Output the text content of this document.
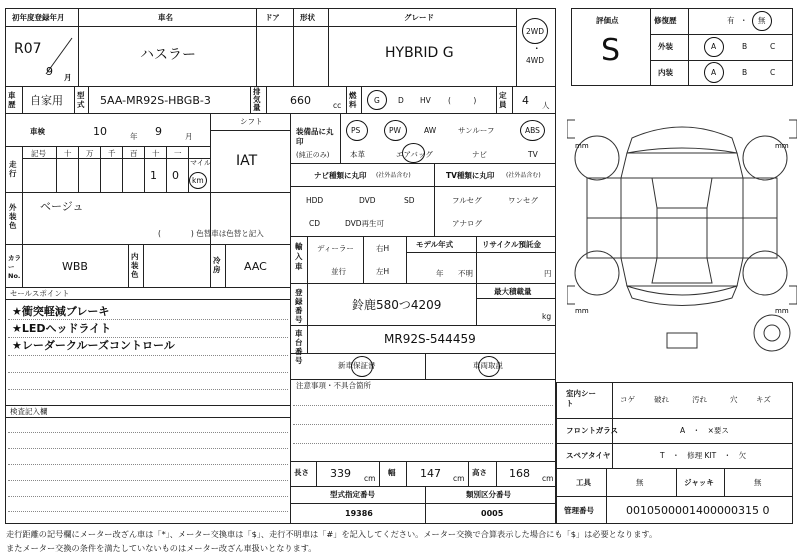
初年度登録年月
R07
9 月
車名
ハスラー
ドア	形状	グレード
HYBRID G
2WD
・
4WD
車歴 自家用 型式 5AA-MR92S-HBGB-3
排気量
660	cc
燃料	G D HV (　　　)
定員 4 人
車検	10	年 9	月
シフト
IAT
走行
記号 十 万 千 百 十 一
1 0
マイル
km
外装色
ベージュ
(　　　　) 色替車は色替と記入
カラーNo.
WBB
内装色
冷房 AAC
セールスポイント
★衝突軽減ブレーキ
★LEDヘッドライト
★レーダークルーズコントロール
検査記入欄
装備品に丸印
(純正のみ)
PS	PW	AW	サンルーフ	ABS
本革	エアバッグ	ナビ	TV
ナビ種類に丸印 (社外品含む)
HDD	DVD	SD
CD	DVD再生可
TV種類に丸印 (社外品含む)
フルセグ	ワンセグ
アナログ
輸入車
ディーラー
並行
右H
左H
モデル年式
年 不明
リサイクル預託金
円
登録番号
鈴鹿580つ4209
最大積載量
kg
車台番号
MR92S-544459
新車保証書	車両取説
注意事項・不具合箇所
長さ 339 cm
幅 147 cm
高さ 168 cm
型式指定番号
19386
類別区分番号
0005
評価点
S
修復歴	有 ・ 無
外装	A	B	C
内装	A	B	C
mm	mm
mm	mm
室内シート	コゲ	破れ	汚れ	穴 キズ
フロントガラス	A　・　×要ス
スペアタイヤ	T　・　修理 KIT　・　欠
工具	無	ジャッキ	無
管理番号	0010500001400000315 0
走行距離の記号欄にメーター改ざん車は「*」、メーター交換車は「$」、走行不明車は「#」を記入してください。メーター交換で合算表示した場合にも「$」は必要となります。
またメーター交換の条件を満たしていないものはメーター改ざん車扱いとなります。
